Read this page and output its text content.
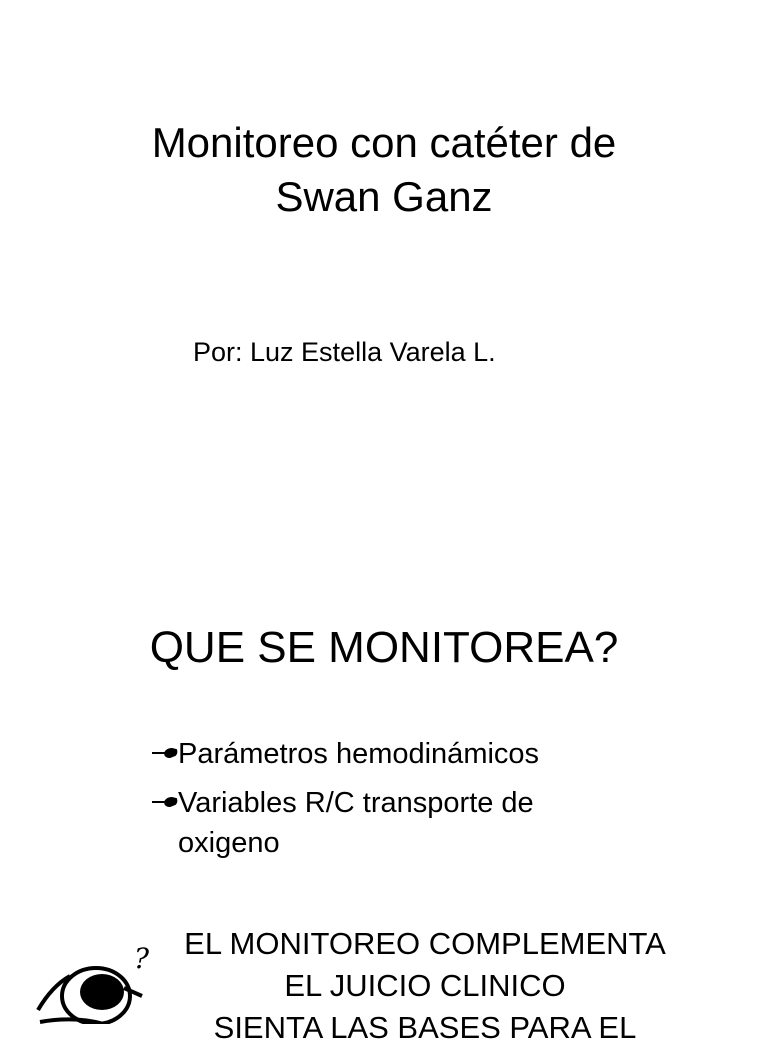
Monitoreo con catéter de
Swan Ganz

Por: Luz Estella Varela L.

QUE SE MONITOREA?
Parámetros hemodinámicos
Variables R/C transporte de oxigeno
?	EL MONITOREO COMPLEMENTA
EL JUICIO CLINICO
SIENTA LAS BASES PARA EL
